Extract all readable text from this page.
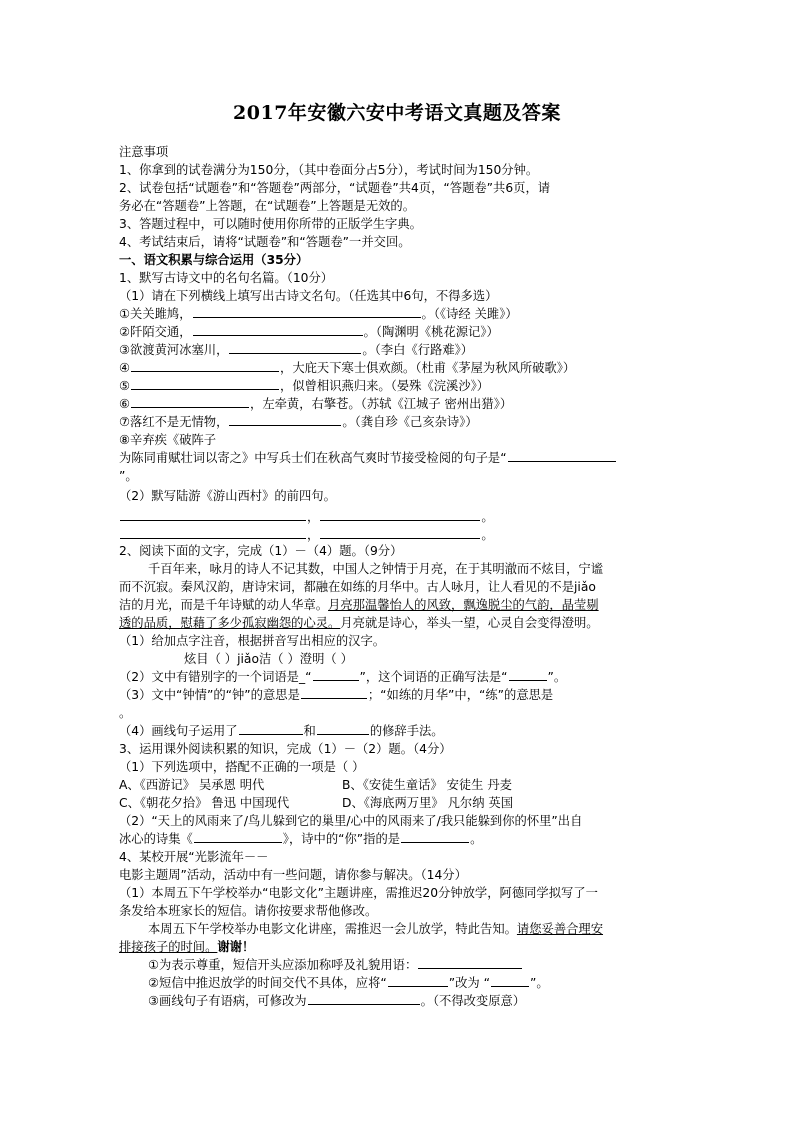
2017年安徽六安中考语文真题及答案
注意事项
1、你拿到的试卷满分为150分，（其中卷面分占5分），考试时间为150分钟。
2、试卷包括“试题卷”和“答题卷”两部分，“试题卷”共4页，“答题卷”共6页，请
务必在“答题卷”上答题，在“试题卷”上答题是无效的。
3、答题过程中，可以随时使用你所带的正版学生字典。
4、考试结束后，请将“试题卷”和“答题卷”一并交回。
一、语文积累与综合运用（35分）
1、默写古诗文中的名句名篇。（10分）
（1）请在下列横线上填写出古诗文名句。（任选其中6句，不得多选）
①关关雎鸠，	。（《诗经 关雎》）
②阡陌交通，	。（陶渊明《桃花源记》）
③欲渡黄河冰塞川，	。（李白《行路难》）
④	，大庇天下寒士俱欢颜。（杜甫《茅屋为秋风所破歌》）
⑤	，似曾相识燕归来。（晏殊《浣溪沙》）
⑥	，左牵黄，右擎苍。（苏轼《江城子 密州出猎》）
⑦落红不是无情物，	。（龚自珍《己亥杂诗》）
⑧辛弃疾《破阵子
为陈同甫赋壮词以寄之》中写兵士们在秋高气爽时节接受检阅的句子是“
”。
（2）默写陆游《游山西村》的前四句。
，	。
，	。
2、阅读下面的文字，完成（1）－（4）题。（9分）
千百年来，咏月的诗人不记其数，中国人之钟情于月亮，在于其明澈而不炫目，宁谧
而不沉寂。秦风汉韵，唐诗宋词，都融在如练的月华中。古人咏月，让人看见的不是jiǎo
洁的月光，而是千年诗赋的动人华章。月亮那温馨怡人的风致，飘逸脱尘的气韵，晶莹剔
透的品质，慰藉了多少孤寂幽怨的心灵。月亮就是诗心，举头一望，心灵自会变得澄明。
（1）给加点字注音，根据拼音写出相应的汉字。
炫目（ ）jiǎo洁（ ）澄明（ ）
（2）文中有错别字的一个词语是_“	”，这个词语的正确写法是“	”。
（3）文中“钟情”的“钟”的意思是	；“如练的月华”中，“练”的意思是
。
（4）画线句子运用了	和	的修辞手法。
3、运用课外阅读积累的知识，完成（1）－（2）题。（4分）
（1）下列选项中，搭配不正确的一项是（ ）
A、《西游记》 吴承恩 明代	B、《安徒生童话》 安徒生 丹麦
C、《朝花夕拾》 鲁迅 中国现代	D、《海底两万里》 凡尔纳 英国
（2）“天上的风雨来了/鸟儿躲到它的巢里/心中的风雨来了/我只能躲到你的怀里”出自
冰心的诗集《	》，诗中的“你”指的是	。
4、某校开展“光影流年－－
电影主题周”活动，活动中有一些问题，请你参与解决。（14分）
（1）本周五下午学校举办“电影文化”主题讲座，需推迟20分钟放学，阿德同学拟写了一
条发给本班家长的短信。请你按要求帮他修改。
本周五下午学校举办电影文化讲座，需推迟一会儿放学，特此告知。请您妥善合理安
排接孩子的时间。谢谢！
①为表示尊重，短信开头应添加称呼及礼貌用语：
②短信中推迟放学的时间交代不具体，应将“	”改为 “	”。
③画线句子有语病，可修改为	。（不得改变原意）
